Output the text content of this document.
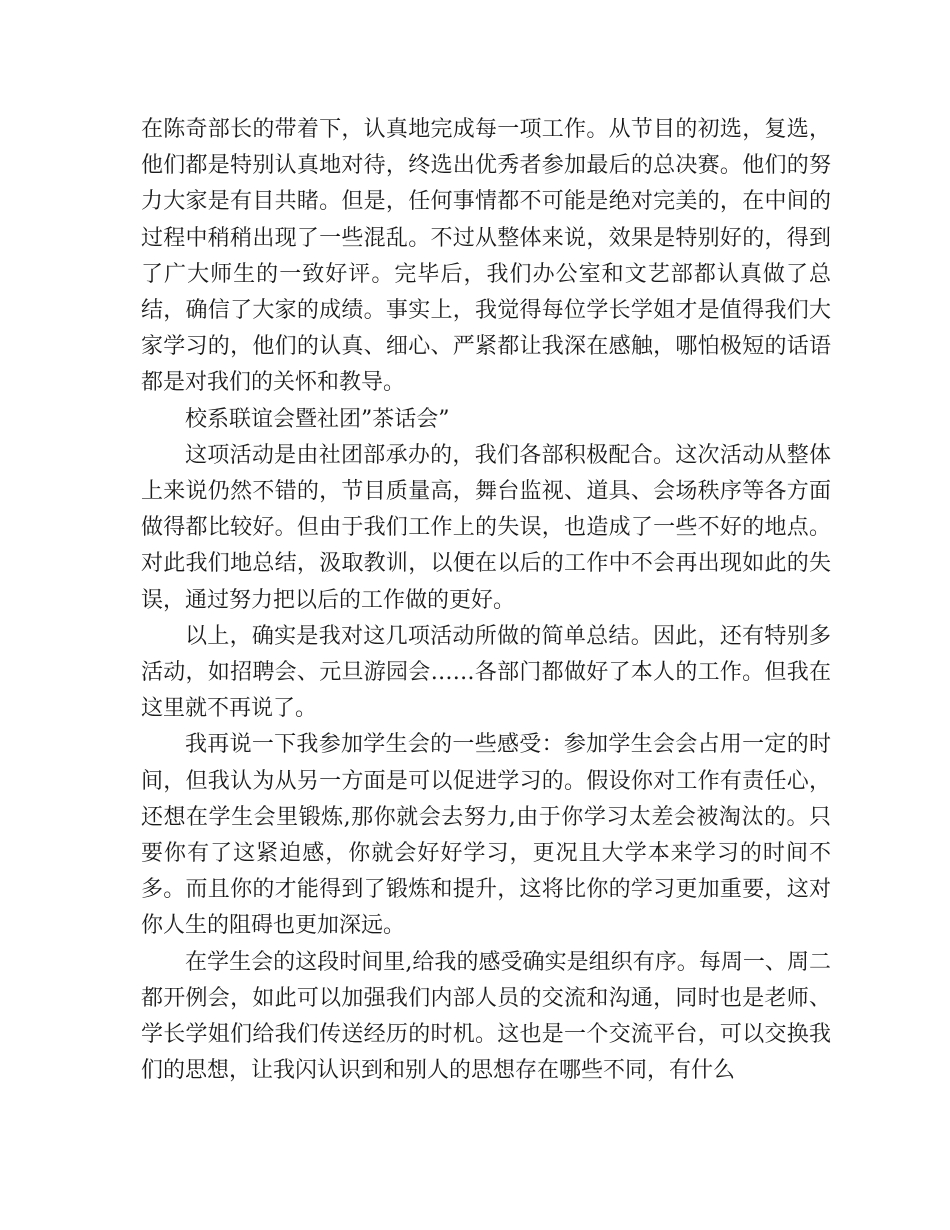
在陈奇部长的带着下，认真地完成每一项工作。从节目的初选，复选，他们都是特别认真地对待，终选出优秀者参加最后的总决赛。他们的努力大家是有目共睹。但是，任何事情都不可能是绝对完美的，在中间的过程中稍稍出现了一些混乱。不过从整体来说，效果是特别好的，得到了广大师生的一致好评。完毕后，我们办公室和文艺部都认真做了总结，确信了大家的成绩。事实上，我觉得每位学长学姐才是值得我们大家学习的，他们的认真、细心、严紧都让我深在感触，哪怕极短的话语都是对我们的关怀和教导。

校系联谊会暨社团”茶话会”

这项活动是由社团部承办的，我们各部积极配合。这次活动从整体上来说仍然不错的，节目质量高，舞台监视、道具、会场秩序等各方面做得都比较好。但由于我们工作上的失误，也造成了一些不好的地点。对此我们地总结，汲取教训，以便在以后的工作中不会再出现如此的失误，通过努力把以后的工作做的更好。

以上，确实是我对这几项活动所做的简单总结。因此，还有特别多活动，如招聘会、元旦游园会……各部门都做好了本人的工作。但我在这里就不再说了。

我再说一下我参加学生会的一些感受：参加学生会会占用一定的时间，但我认为从另一方面是可以促进学习的。假设你对工作有责任心，还想在学生会里锻炼,那你就会去努力,由于你学习太差会被淘汰的。只要你有了这紧迫感，你就会好好学习，更况且大学本来学习的时间不多。而且你的才能得到了锻炼和提升，这将比你的学习更加重要，这对你人生的阻碍也更加深远。

在学生会的这段时间里,给我的感受确实是组织有序。每周一、周二都开例会，如此可以加强我们内部人员的交流和沟通，同时也是老师、学长学姐们给我们传送经历的时机。这也是一个交流平台，可以交换我们的思想，让我闪认识到和别人的思想存在哪些不同，有什么
